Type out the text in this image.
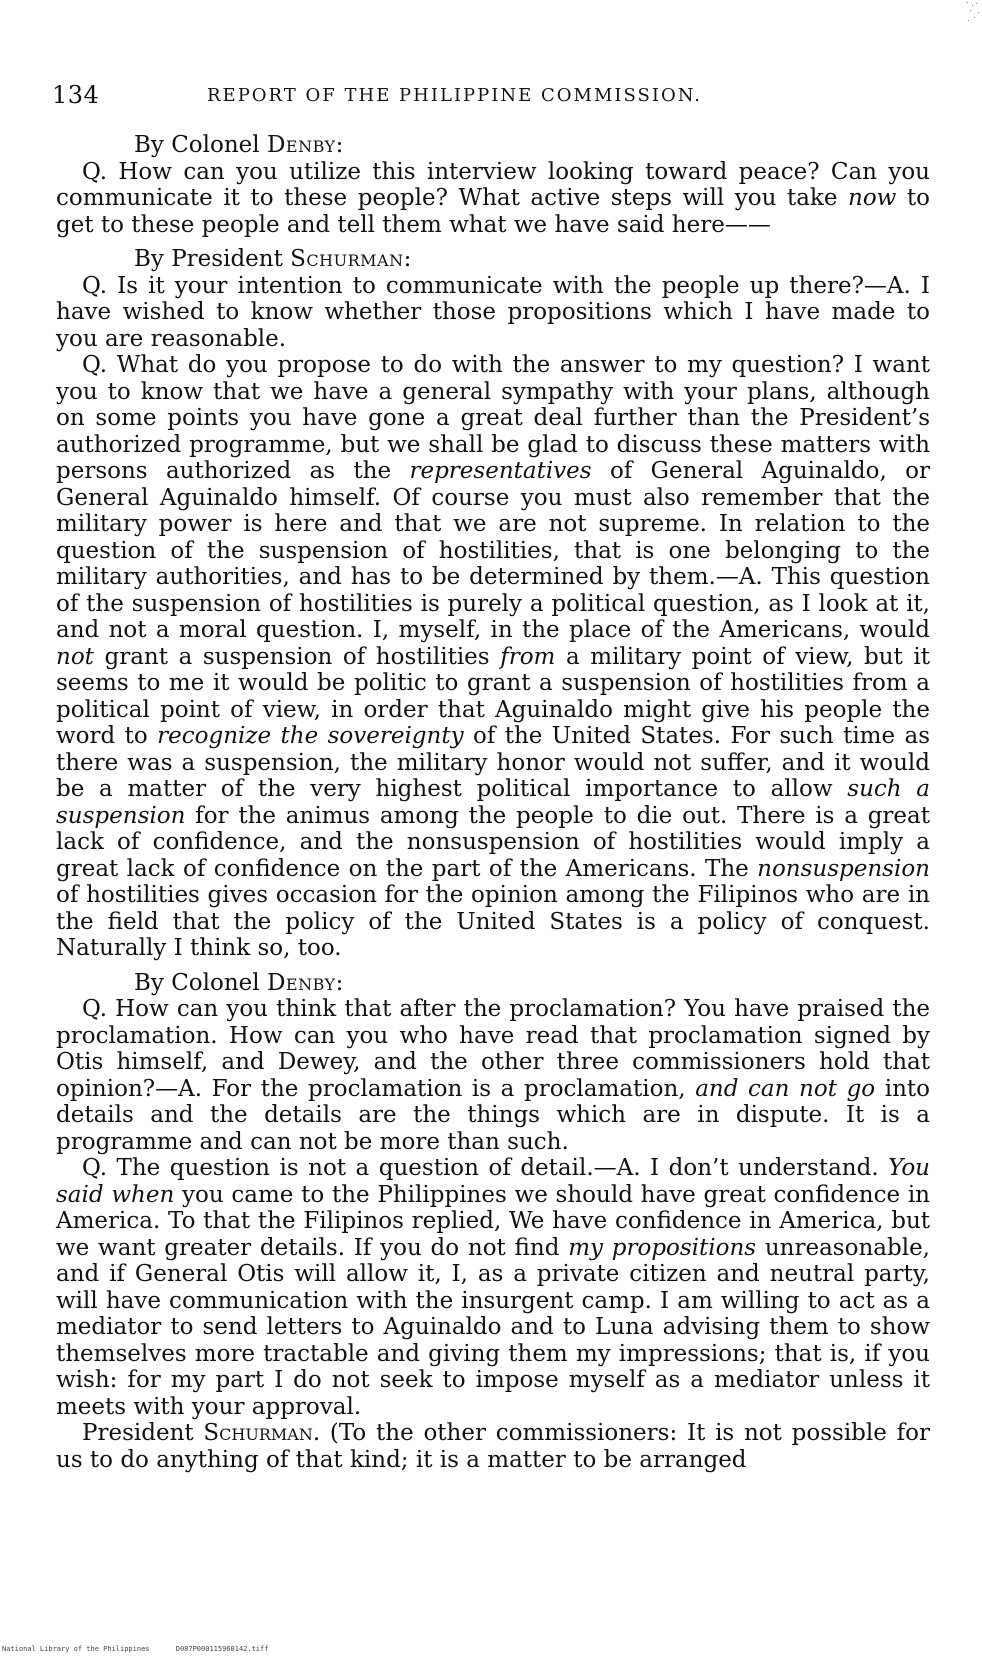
134	REPORT OF THE PHILIPPINE COMMISSION.

By Colonel Denby:

Q. How can you utilize this interview looking toward peace? Can you communicate it to these people? What active steps will you take now to get to these people and tell them what we have said here——

By President Schurman:

Q. Is it your intention to communicate with the people up there?—A. I have wished to know whether those propositions which I have made to you are reasonable.

Q. What do you propose to do with the answer to my question? I want you to know that we have a general sympathy with your plans, although on some points you have gone a great deal further than the President’s authorized programme, but we shall be glad to discuss these matters with persons authorized as the representatives of General Aguinaldo, or General Aguinaldo himself. Of course you must also remember that the military power is here and that we are not supreme. In relation to the question of the suspension of hostilities, that is one belonging to the military authorities, and has to be determined by them.—A. This question of the suspension of hostilities is purely a political question, as I look at it, and not a moral question. I, myself, in the place of the Americans, would not grant a suspension of hostilities from a military point of view, but it seems to me it would be politic to grant a suspension of hostilities from a political point of view, in order that Aguinaldo might give his people the word to recognize the sovereignty of the United States. For such time as there was a suspension, the military honor would not suffer, and it would be a matter of the very highest political importance to allow such a suspension for the animus among the people to die out. There is a great lack of confidence, and the nonsuspension of hostilities would imply a great lack of confidence on the part of the Americans. The nonsuspension of hostilities gives occasion for the opinion among the Filipinos who are in the field that the policy of the United States is a policy of conquest. Naturally I think so, too.

By Colonel Denby:

Q. How can you think that after the proclamation? You have praised the proclamation. How can you who have read that proclamation signed by Otis himself, and Dewey, and the other three commissioners hold that opinion?—A. For the proclamation is a proclamation, and can not go into details and the details are the things which are in dispute. It is a programme and can not be more than such.

Q. The question is not a question of detail.—A. I don’t understand. You said when you came to the Philippines we should have great confidence in America. To that the Filipinos replied, We have confidence in America, but we want greater details. If you do not find my propositions unreasonable, and if General Otis will allow it, I, as a private citizen and neutral party, will have communication with the insurgent camp. I am willing to act as a mediator to send letters to Aguinaldo and to Luna advising them to show themselves more tractable and giving them my impressions; that is, if you wish: for my part I do not seek to impose myself as a mediator unless it meets with your approval.

President Schurman. (To the other commissioners: It is not possible for us to do anything of that kind; it is a matter to be arranged

National Library of the Philippines	D087P000115960142.tiff
